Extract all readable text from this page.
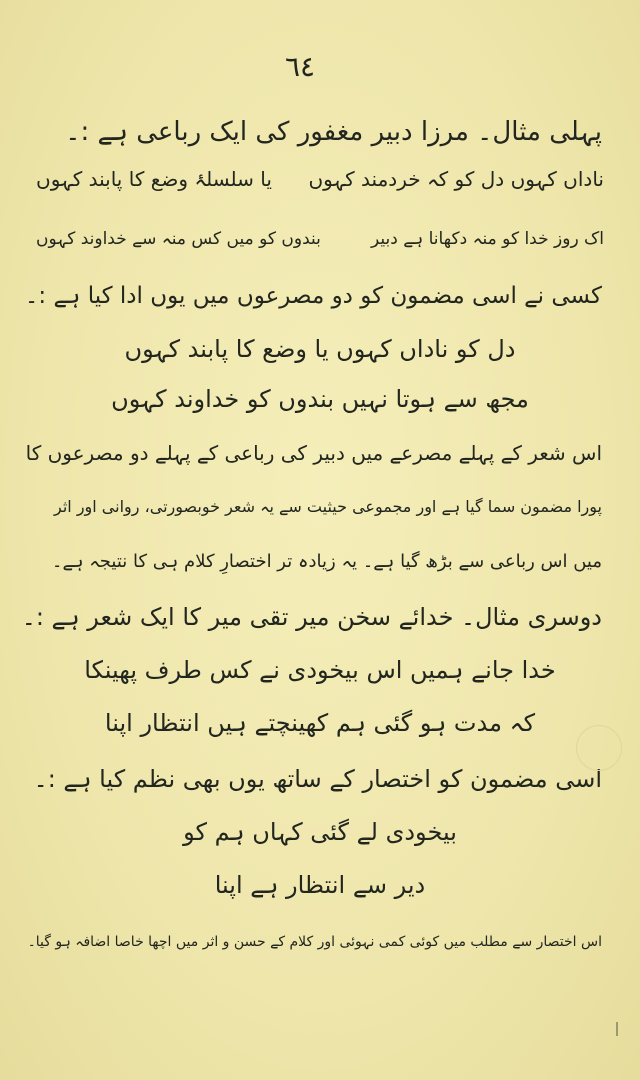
٦٤
پہلی مثال۔ مرزا دبیر مغفور کی ایک رباعی ہے :۔
ناداں کہوں دل کو کہ خردمند کہوں
یا سلسلۂ وضع کا پابند کہوں
اک روز خدا کو منہ دکھانا ہے دبیر
بندوں کو میں کس منہ سے خداوند کہوں
کسی نے اسی مضمون کو دو مصرعوں میں یوں ادا کیا ہے :۔
دل کو ناداں کہوں یا وضع کا پابند کہوں
مجھ سے ہوتا نہیں بندوں کو خداوند کہوں
اس شعر کے پہلے مصرعے میں دبیر کی رباعی کے پہلے دو مصرعوں کا
پورا مضمون سما گیا ہے اور مجموعی حیثیت سے یہ شعر خوبصورتی، روانی اور اثر
میں اس رباعی سے بڑھ گیا ہے۔ یہ زیادہ تر اختصارِ کلام ہی کا نتیجہ ہے۔
دوسری مثال۔ خدائے سخن میر تقی میر کا ایک شعر ہے :۔
خدا جانے ہمیں اس بیخودی نے کس طرف پھینکا
کہ مدت ہو گئی ہم کھینچتے ہیں انتظار اپنا
اسی مضمون کو اختصار کے ساتھ یوں بھی نظم کیا ہے :۔
بیخودی لے گئی کہاں ہم کو
دیر سے انتظار ہے اپنا
اس اختصار سے مطلب میں کوئی کمی نہوئی اور کلام کے حسن و اثر میں اچھا خاصا اضافہ ہو گیا۔
